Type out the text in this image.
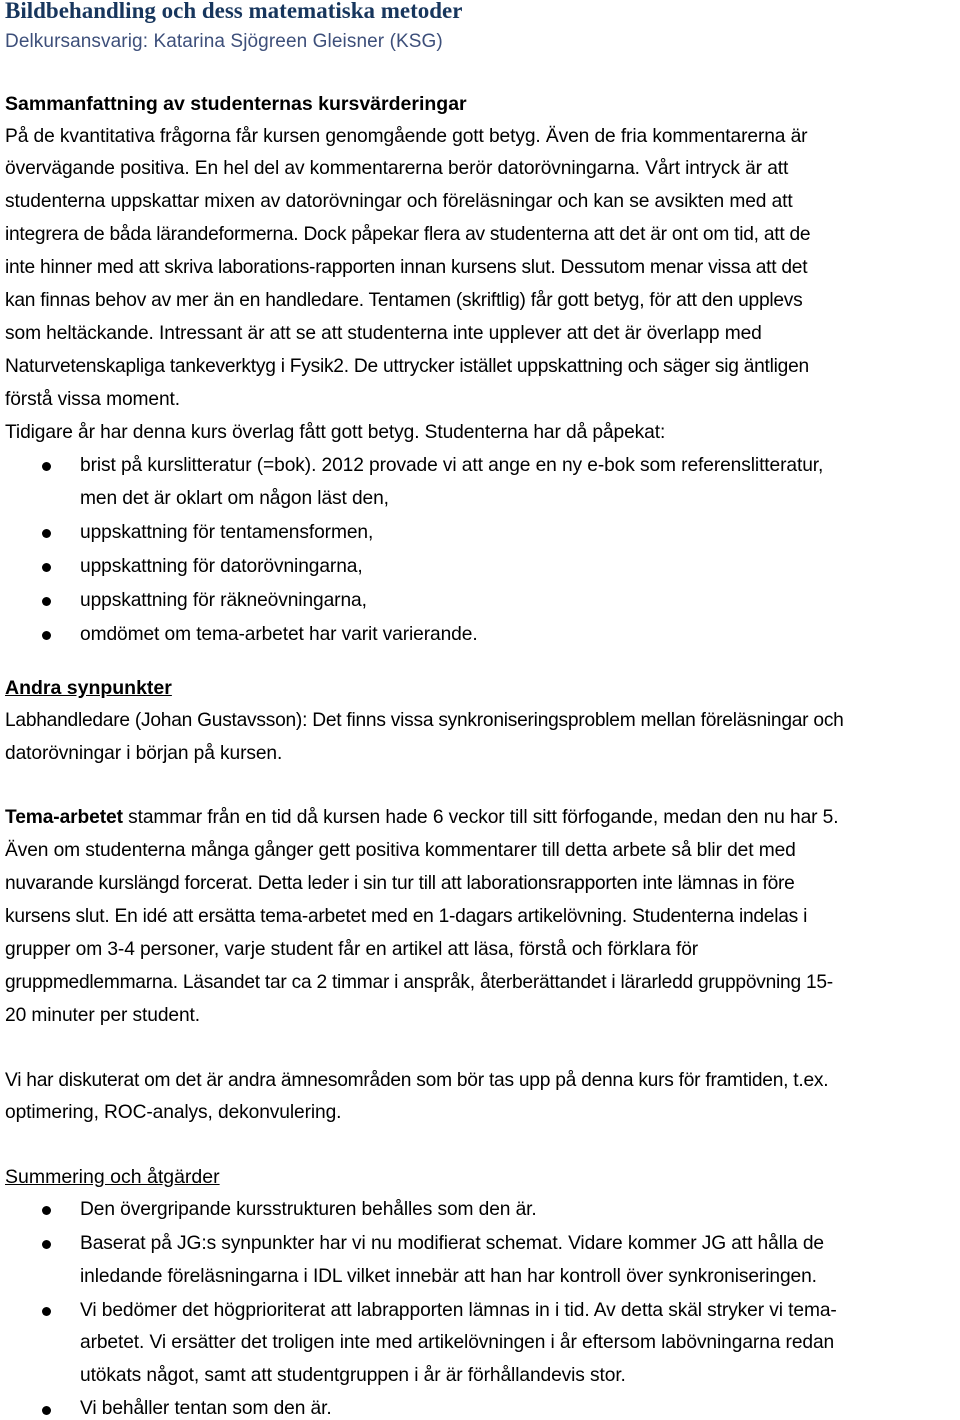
Bildbehandling och dess matematiska metoder
Delkursansvarig: Katarina Sjögreen Gleisner (KSG)
Sammanfattning av studenternas kursvärderingar
På de kvantitativa frågorna får kursen genomgående gott betyg. Även de fria kommentarerna är
övervägande positiva. En hel del av kommentarerna berör datorövningarna. Vårt intryck är att
studenterna uppskattar mixen av datorövningar och föreläsningar och kan se avsikten med att
integrera de båda lärandeformerna. Dock påpekar flera av studenterna att det är ont om tid, att de
inte hinner med att skriva laborations-rapporten innan kursens slut. Dessutom menar vissa att det
kan finnas behov av mer än en handledare. Tentamen (skriftlig) får gott betyg, för att den upplevs
som heltäckande. Intressant är att se att studenterna inte upplever att det är överlapp med
Naturvetenskapliga tankeverktyg i Fysik2. De uttrycker istället uppskattning och säger sig äntligen
förstå vissa moment.
Tidigare år har denna kurs överlag fått gott betyg. Studenterna har då påpekat:
brist på kurslitteratur (=bok). 2012 provade vi att ange en ny e-bok som referenslitteratur,
men det är oklart om någon läst den,
uppskattning för tentamensformen,
uppskattning för datorövningarna,
uppskattning för räkneövningarna,
omdömet om tema-arbetet har varit varierande.
Andra synpunkter
Labhandledare (Johan Gustavsson): Det finns vissa synkroniseringsproblem mellan föreläsningar och
datorövningar i början på kursen.
Tema-arbetet stammar från en tid då kursen hade 6 veckor till sitt förfogande, medan den nu har 5.
Även om studenterna många gånger gett positiva kommentarer till detta arbete så blir det med
nuvarande kurslängd forcerat. Detta leder i sin tur till att laborationsrapporten inte lämnas in före
kursens slut. En idé att ersätta tema-arbetet med en 1-dagars artikelövning. Studenterna indelas i
grupper om 3-4 personer, varje student får en artikel att läsa, förstå och förklara för
gruppmedlemmarna. Läsandet tar ca 2 timmar i anspråk, återberättandet i lärarledd gruppövning 15-
20 minuter per student.
Vi har diskuterat om det är andra ämnesområden som bör tas upp på denna kurs för framtiden, t.ex.
optimering, ROC-analys, dekonvulering.
Summering och åtgärder
Den övergripande kursstrukturen behålles som den är.
Baserat på JG:s synpunkter har vi nu modifierat schemat. Vidare kommer JG att hålla de
inledande föreläsningarna i IDL vilket innebär att han har kontroll över synkroniseringen.
Vi bedömer det högprioriterat att labrapporten lämnas in i tid. Av detta skäl stryker vi tema-
arbetet. Vi ersätter det troligen inte med artikelövningen i år eftersom labövningarna redan
utökats något, samt att studentgruppen i år är förhållandevis stor.
Vi behåller tentan som den är.
